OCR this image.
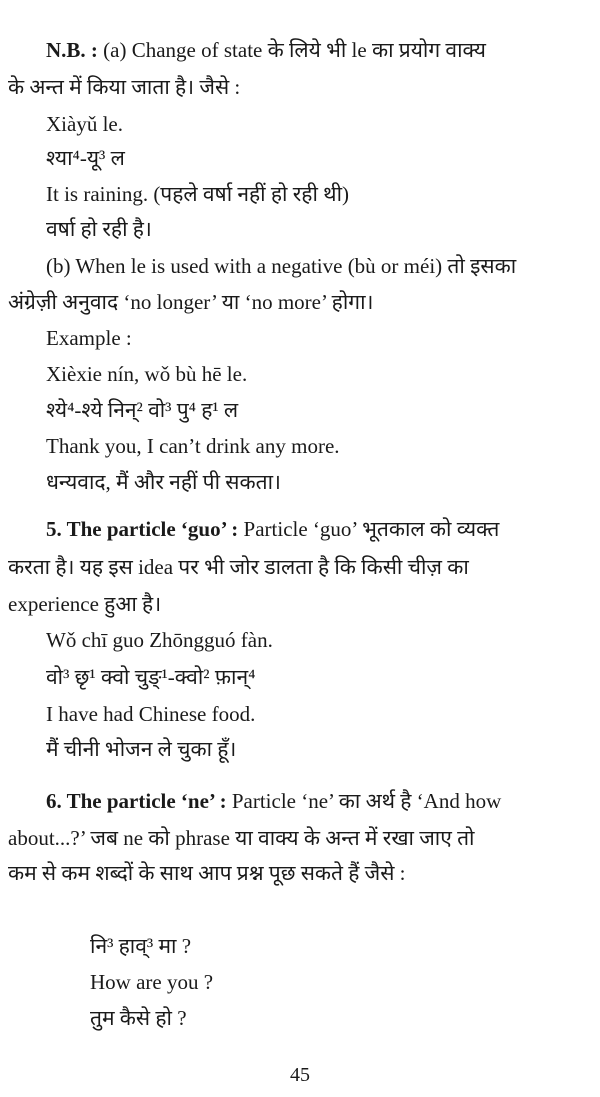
N.B. : (a) Change of state के लिये भी le का प्रयोग वाक्य
के अन्त में किया जाता है। जैसे :
Xiàyǔ le.
श्या⁴-यू³ ल
It is raining. (पहले वर्षा नहीं हो रही थी)
वर्षा हो रही है।
(b) When le is used with a negative (bù or méi) तो इसका
अंग्रेज़ी अनुवाद ‘no longer’ या ‘no more’ होगा।
Example :
Xièxie nín, wǒ bù hē le.
श्ये⁴-श्ये निन्² वो³ पु⁴ ह¹ ल
Thank you, I can’t drink any more.
धन्यवाद, मैं और नहीं पी सकता।
5. The particle ‘guo’ : Particle ‘guo’ भूतकाल को व्यक्त
करता है। यह इस idea पर भी जोर डालता है कि किसी चीज़ का
experience हुआ है।
Wǒ chī guo Zhōngguó fàn.
वो³ छृ¹ क्वो चुङ्¹-क्वो² फ़ान्⁴
I have had Chinese food.
मैं चीनी भोजन ले चुका हूँ।
6. The particle ‘ne’ : Particle ‘ne’ का अर्थ है ‘And how
about...?’ जब ne को phrase या वाक्य के अन्त में रखा जाए तो
कम से कम शब्दों के साथ आप प्रश्न पूछ सकते हैं जैसे :
नि³ हाव्³ मा ?
How are you ?
तुम कैसे हो ?
45
